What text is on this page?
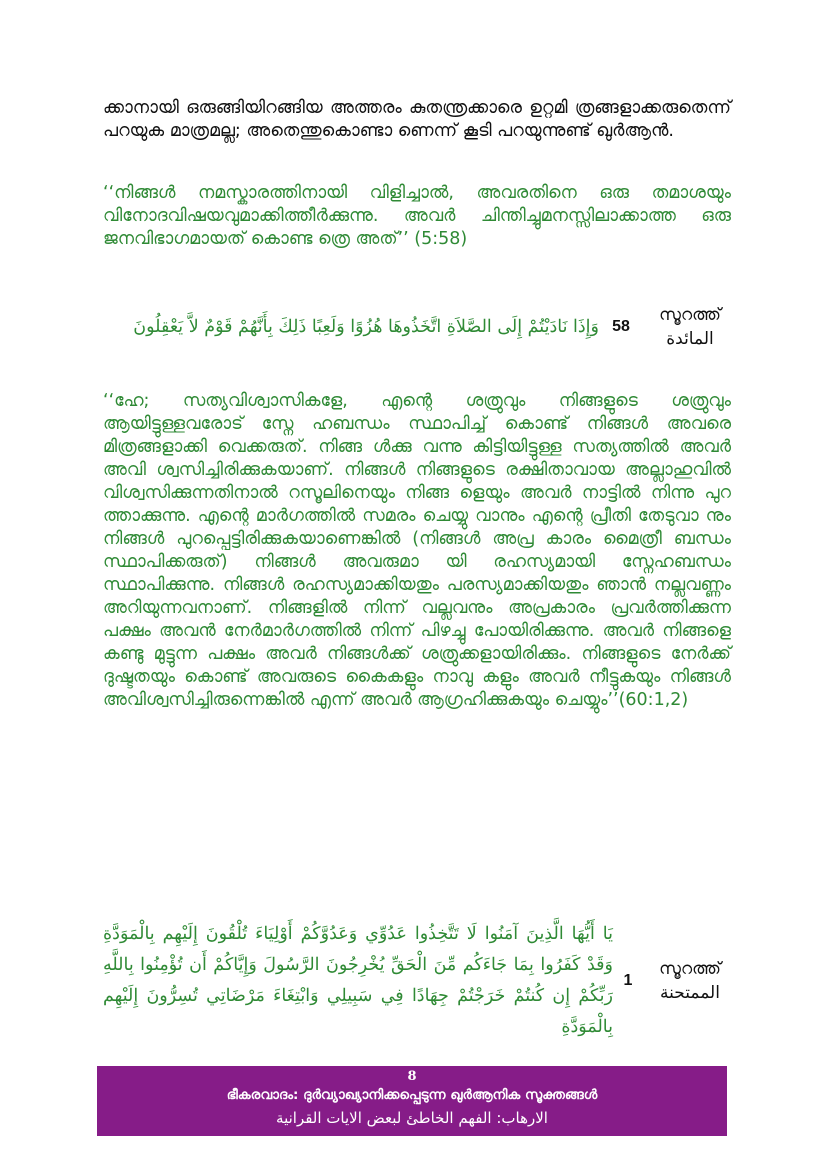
ക്കാനായി ഒരുങ്ങിയിറങ്ങിയ അത്തരം കുതന്ത്രക്കാരെ ഉറ്റമി ത്രങ്ങളാക്കരുതെന്ന് പറയുക മാത്രമല്ല; അതെന്തുകൊണ്ടാ ണെന്ന് കൂടി പറയുന്നുണ്ട് ഖുർആൻ.

‘‘നിങ്ങൾ നമസ്കാരത്തിനായി വിളിച്ചാൽ, അവരതിനെ ഒരു തമാശയും വിനോദവിഷയവുമാക്കിത്തീർക്കുന്നു. അവർ ചിന്തിച്ചുമനസ്സിലാക്കാത്ത ഒരു ജനവിഭാഗമായത് കൊണ്ട ത്രെ അത്’’ (5:58)

وَإِذَا نَادَيْتُمْ إِلَى الصَّلاَةِ اتَّخَذُوهَا هُزُوًا وَلَعِبًا ذَلِكَ بِأَنَّهُمْ قَوْمٌ لاَّ يَعْقِلُونَ 58
സൂറത്ത്
المائدة

‘‘ഹേ; സത്യവിശ്വാസികളേ, എന്റെ ശത്രുവും നിങ്ങളുടെ ശത്രുവും ആയിട്ടുള്ളവരോട് സ്നേ ഹബന്ധം സ്ഥാപിച്ച് കൊണ്ട് നിങ്ങൾ അവരെ മിത്രങ്ങളാക്കി വെക്കരുത്. നിങ്ങ ൾക്കു വന്നു കിട്ടിയിട്ടുള്ള സത്യത്തിൽ അവർ അവി ശ്വസിച്ചിരിക്കുകയാണ്. നിങ്ങൾ നിങ്ങളുടെ രക്ഷിതാവായ അല്ലാഹുവിൽ വിശ്വസിക്കുന്നതിനാൽ റസൂലിനെയും നിങ്ങ ളെയും അവർ നാട്ടിൽ നിന്നു പുറ ത്താക്കുന്നു. എന്റെ മാർഗത്തിൽ സമരം ചെയ്യു വാനും എന്റെ പ്രീതി തേടുവാ നും നിങ്ങൾ പുറപ്പെട്ടിരിക്കുകയാണെങ്കിൽ (നിങ്ങൾ അപ്ര കാരം മൈത്രീ ബന്ധം സ്ഥാപിക്കരുത്) നിങ്ങൾ അവരുമാ യി രഹസ്യമായി സ്നേഹബന്ധം സ്ഥാപിക്കുന്നു. നിങ്ങൾ രഹസ്യമാക്കിയതും പരസ്യമാക്കിയതും ഞാൻ നല്ലവണ്ണം അറിയുന്നവനാണ്. നിങ്ങളിൽ നിന്ന് വല്ലവനും അപ്രകാരം പ്രവർത്തിക്കുന്ന പക്ഷം അവൻ നേർമാർഗത്തിൽ നിന്ന് പിഴച്ചു പോയിരിക്കുന്നു. അവർ നിങ്ങളെ കണ്ടു മുട്ടുന്ന പക്ഷം അവർ നിങ്ങൾക്ക് ശത്രുക്കളായിരിക്കും. നിങ്ങളുടെ നേർക്ക് ദുഷ്ടതയും കൊണ്ട് അവരുടെ കൈകളും നാവു കളും അവർ നീട്ടുകയും നിങ്ങൾ അവിശ്വസിച്ചിരുന്നെങ്കിൽ എന്ന് അവർ ആഗ്രഹിക്കുകയും ചെയ്യും’’(60:1,2)

يَا أَيُّهَا الَّذِينَ آمَنُوا لَا تَتَّخِذُوا عَدُوِّي وَعَدُوَّكُمْ أَوْلِيَاءَ تُلْقُونَ إِلَيْهِم بِالْمَوَدَّةِ وَقَدْ كَفَرُوا بِمَا جَاءَكُم مِّنَ الْحَقِّ يُخْرِجُونَ الرَّسُولَ وَإِيَّاكُمْ أَن تُؤْمِنُوا بِاللَّهِ رَبِّكُمْ إِن كُنتُمْ خَرَجْتُمْ جِهَادًا فِي سَبِيلِي وَابْتِغَاءَ مَرْضَاتِي تُسِرُّونَ إِلَيْهِم بِالْمَوَدَّةِ
1
സൂറത്ത്
الممتحنة
8
ഭീകരവാദം: ദുർവ്യാഖ്യാനിക്കപ്പെടുന്ന ഖുർആനിക സൂക്തങ്ങൾ
الارهاب: الفهم الخاطئ لبعض الايات القرانية
